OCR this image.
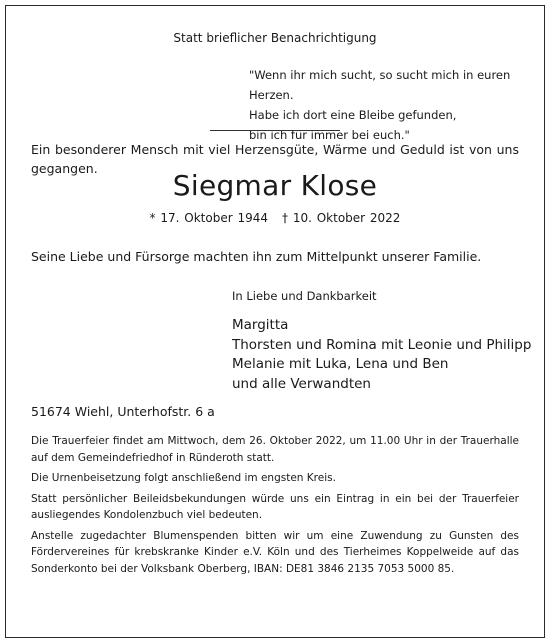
Statt brieflicher Benachrichtigung
"Wenn ihr mich sucht, so sucht mich in euren Herzen.
Habe ich dort eine Bleibe gefunden,
bin ich für immer bei euch."
Ein besonderer Mensch mit viel Herzensgüte, Wärme und Geduld ist von uns gegangen.
Siegmar Klose
* 17. Oktober 1944 † 10. Oktober 2022
Seine Liebe und Fürsorge machten ihn zum Mittelpunkt unserer Familie.
In Liebe und Dankbarkeit
Margitta
Thorsten und Romina mit Leonie und Philipp
Melanie mit Luka, Lena und Ben
und alle Verwandten
51674 Wiehl, Unterhofstr. 6 a

Die Trauerfeier findet am Mittwoch, dem 26. Oktober 2022, um 11.00 Uhr in der Trauerhalle auf dem Gemeindefriedhof in Ründeroth statt.

Die Urnenbeisetzung folgt anschließend im engsten Kreis.

Statt persönlicher Beileidsbekundungen würde uns ein Eintrag in ein bei der Trauerfeier ausliegendes Kondolenzbuch viel bedeuten.

Anstelle zugedachter Blumenspenden bitten wir um eine Zuwendung zu Gunsten des Fördervereines für krebskranke Kinder e.V. Köln und des Tierheimes Koppelweide auf das Sonderkonto bei der Volksbank Oberberg, IBAN: DE81 3846 2135 7053 5000 85.
